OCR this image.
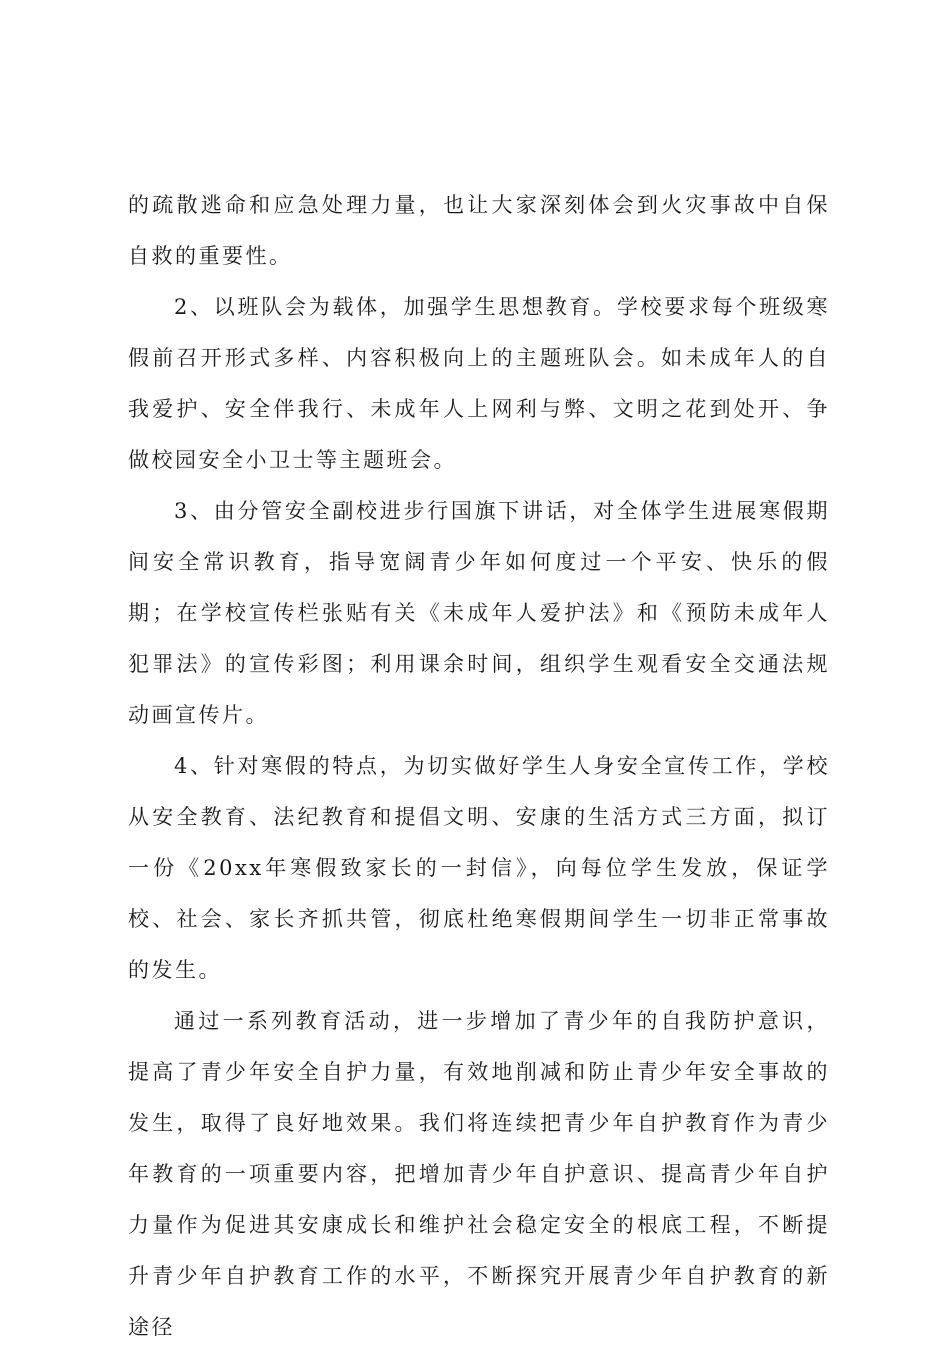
的疏散逃命和应急处理力量，也让大家深刻体会到火灾事故中自保自救的重要性。

2、以班队会为载体，加强学生思想教育。学校要求每个班级寒假前召开形式多样、内容积极向上的主题班队会。如未成年人的自我爱护、安全伴我行、未成年人上网利与弊、文明之花到处开、争做校园安全小卫士等主题班会。

3、由分管安全副校进步行国旗下讲话，对全体学生进展寒假期间安全常识教育，指导宽阔青少年如何度过一个平安、快乐的假期；在学校宣传栏张贴有关《未成年人爱护法》和《预防未成年人犯罪法》的宣传彩图；利用课余时间，组织学生观看安全交通法规动画宣传片。

4、针对寒假的特点，为切实做好学生人身安全宣传工作，学校从安全教育、法纪教育和提倡文明、安康的生活方式三方面，拟订一份《20xx年寒假致家长的一封信》，向每位学生发放，保证学校、社会、家长齐抓共管，彻底杜绝寒假期间学生一切非正常事故的发生。

通过一系列教育活动，进一步增加了青少年的自我防护意识，提高了青少年安全自护力量，有效地削减和防止青少年安全事故的发生，取得了良好地效果。我们将连续把青少年自护教育作为青少年教育的一项重要内容，把增加青少年自护意识、提高青少年自护力量作为促进其安康成长和维护社会稳定安全的根底工程，不断提升青少年自护教育工作的水平，不断探究开展青少年自护教育的新途径
